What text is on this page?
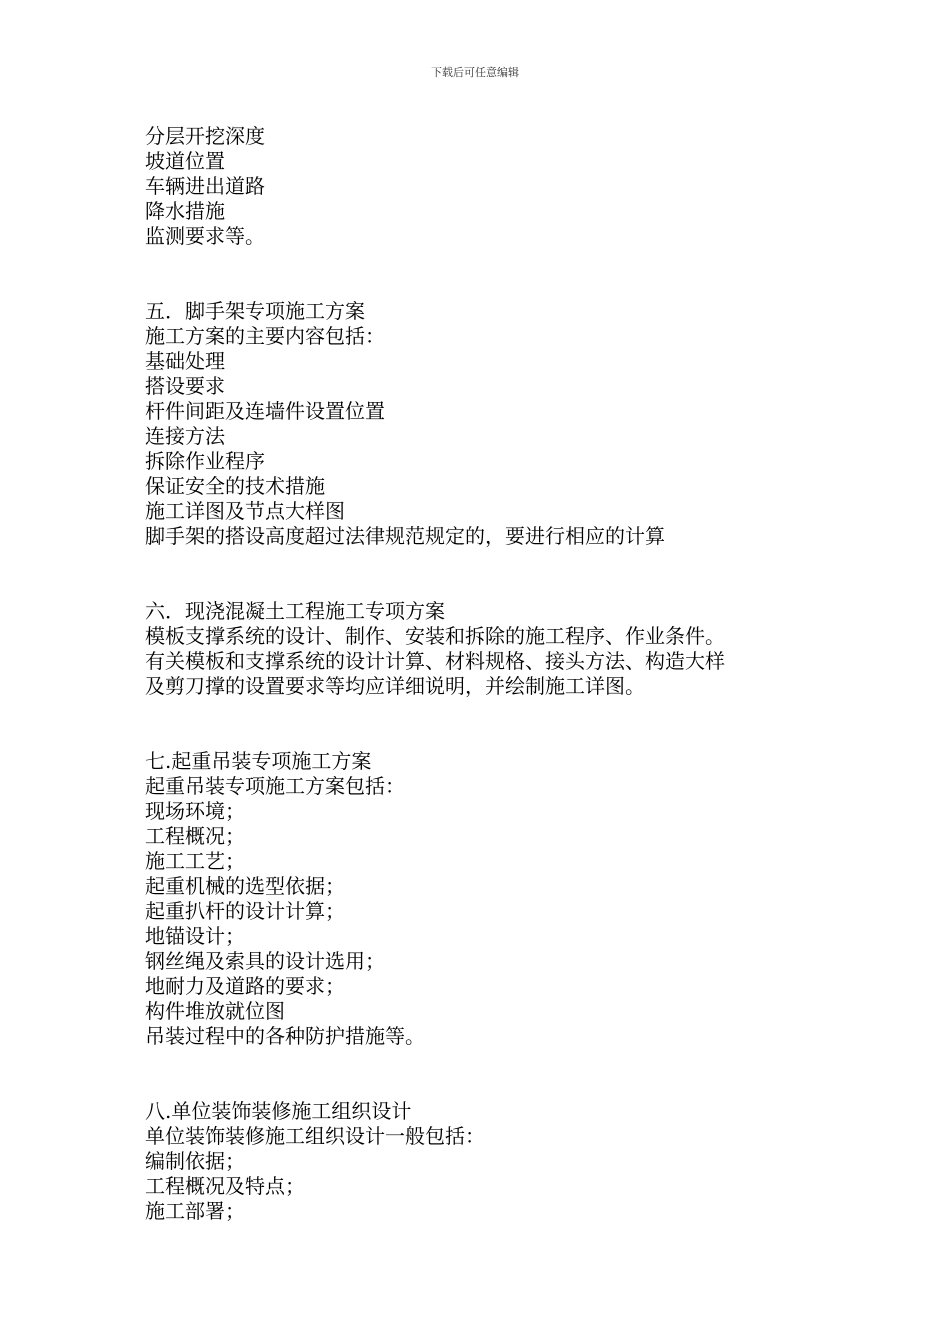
下载后可任意编辑
分层开挖深度
坡道位置
车辆进出道路
降水措施
监测要求等。
五．脚手架专项施工方案
施工方案的主要内容包括：
基础处理
搭设要求
杆件间距及连墙件设置位置
连接方法
拆除作业程序
保证安全的技术措施
施工详图及节点大样图
脚手架的搭设高度超过法律规范规定的，要进行相应的计算
六．现浇混凝土工程施工专项方案
模板支撑系统的设计、制作、安装和拆除的施工程序、作业条件。
有关模板和支撑系统的设计计算、材料规格、接头方法、构造大样
及剪刀撑的设置要求等均应详细说明，并绘制施工详图。
七.起重吊装专项施工方案
起重吊装专项施工方案包括：
现场环境；
工程概况；
施工工艺；
起重机械的选型依据；
起重扒杆的设计计算；
地锚设计；
钢丝绳及索具的设计选用；
地耐力及道路的要求；
构件堆放就位图
吊装过程中的各种防护措施等。
八.单位装饰装修施工组织设计
单位装饰装修施工组织设计一般包括：
编制依据；
工程概况及特点；
施工部署；
